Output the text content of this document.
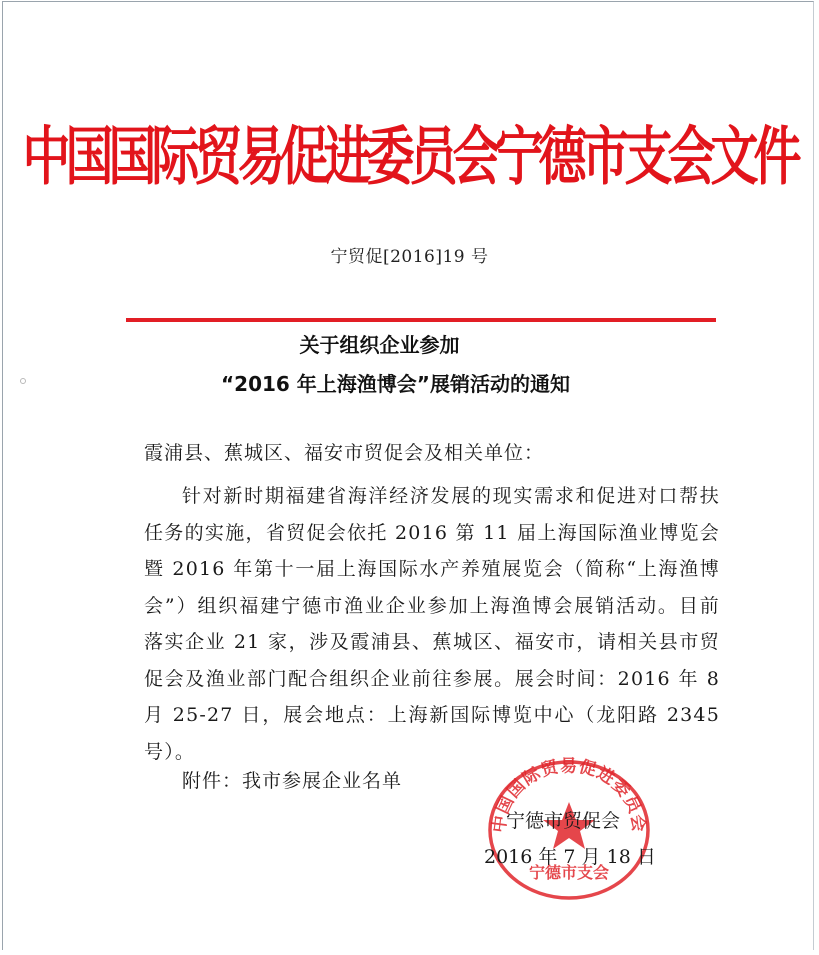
中国国际贸易促进委员会宁德市支会文件
宁贸促[2016]19 号
关于组织企业参加
“2016 年上海渔博会”展销活动的通知
霞浦县、蕉城区、福安市贸促会及相关单位：
针对新时期福建省海洋经济发展的现实需求和促进对口帮扶任务的实施，省贸促会依托 2016 第 11 届上海国际渔业博览会暨 2016 年第十一届上海国际水产养殖展览会（简称“上海渔博会”）组织福建宁德市渔业企业参加上海渔博会展销活动。目前落实企业 21 家，涉及霞浦县、蕉城区、福安市，请相关县市贸促会及渔业部门配合组织企业前往参展。展会时间：2016 年 8 月 25-27 日，展会地点：上海新国际博览中心（龙阳路 2345 号）。
附件：我市参展企业名单
中国国际贸易促进委员会
宁德市支会
宁德市贸促会
2016 年 7 月 18 日
